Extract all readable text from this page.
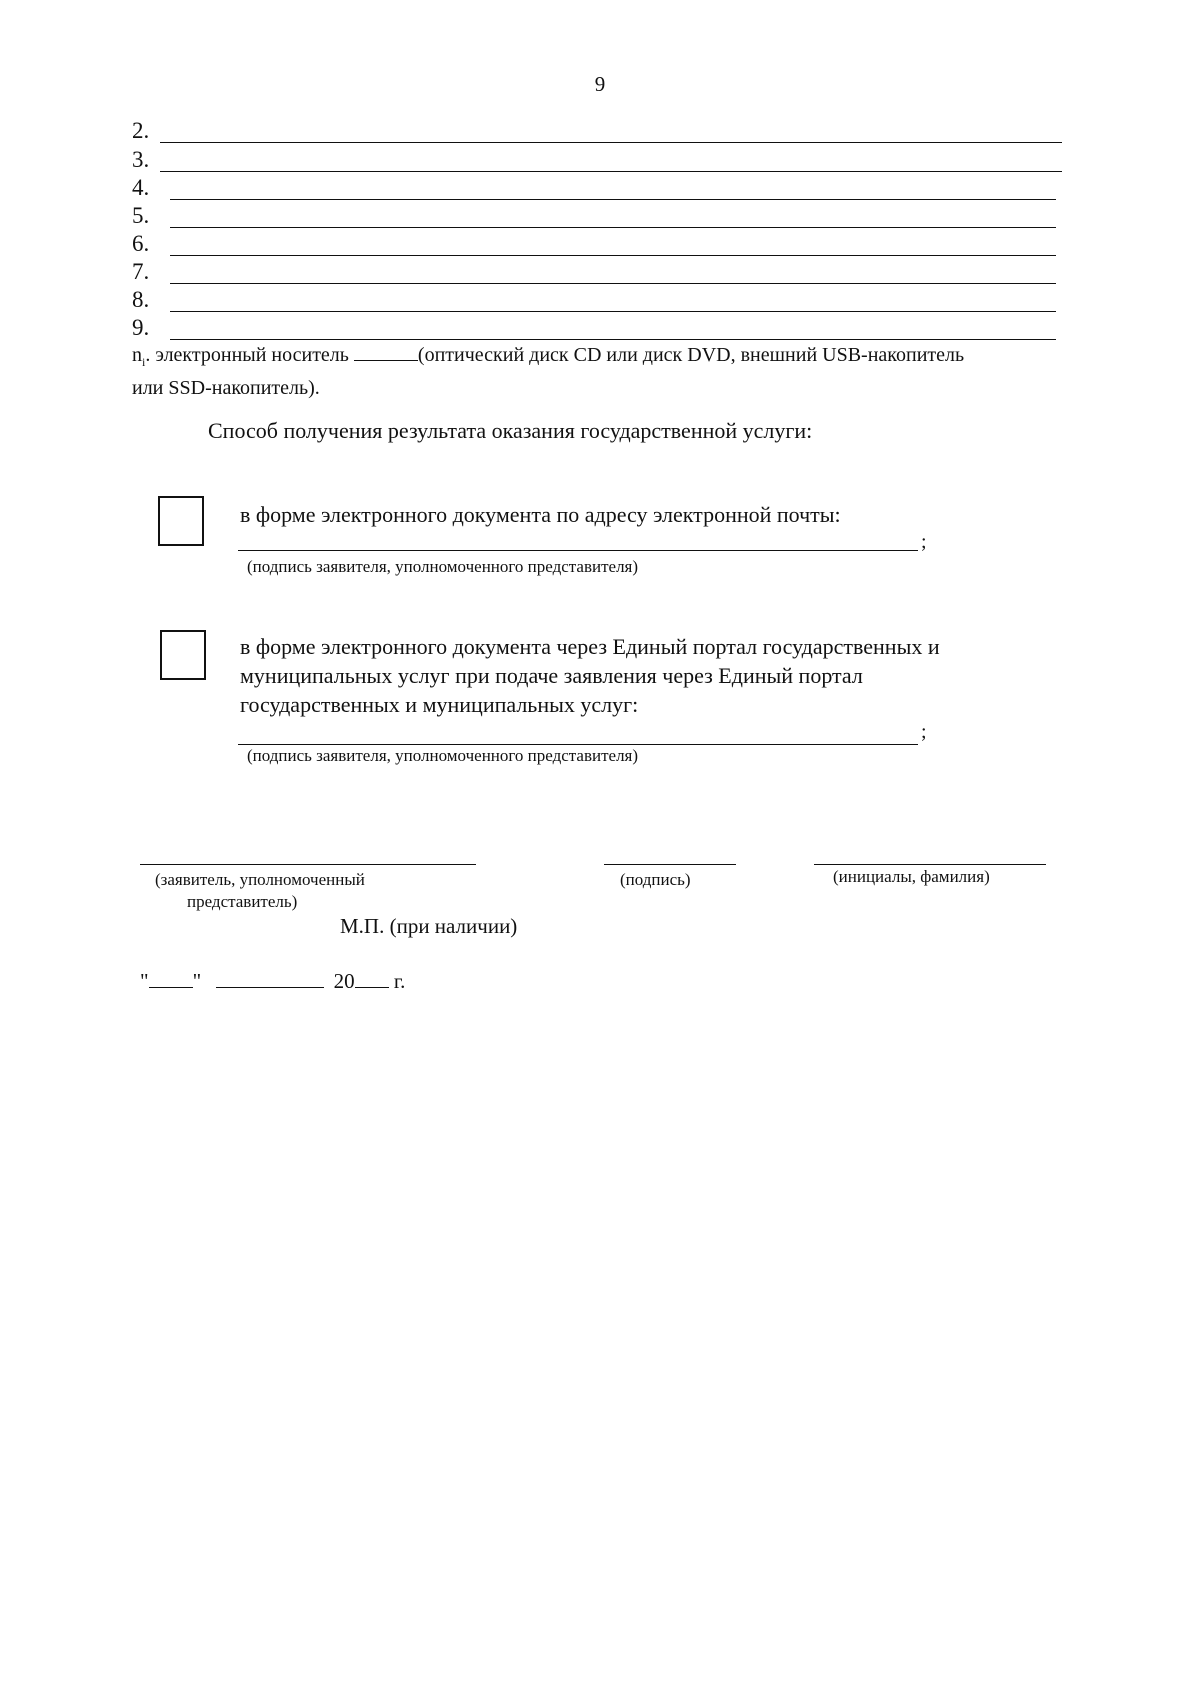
9
2.
3.
4.
5.
6.
7.
8.
9.
$n_i$. электронный носитель	(оптический диск CD или диск DVD, внешний USB-накопитель
или SSD-накопитель).
Способ получения результата оказания государственной услуги:
в форме электронного документа по адресу электронной почты:
;
(подпись заявителя, уполномоченного представителя)
в форме электронного документа через Единый портал государственных и
муниципальных услуг при подаче заявления через Единый портал
государственных и муниципальных услуг:
;
(подпись заявителя, уполномоченного представителя)
(заявитель, уполномоченный
представитель)
(подпись)	(инициалы, фамилия)
М.П. (при наличии)
" "	20 г.
